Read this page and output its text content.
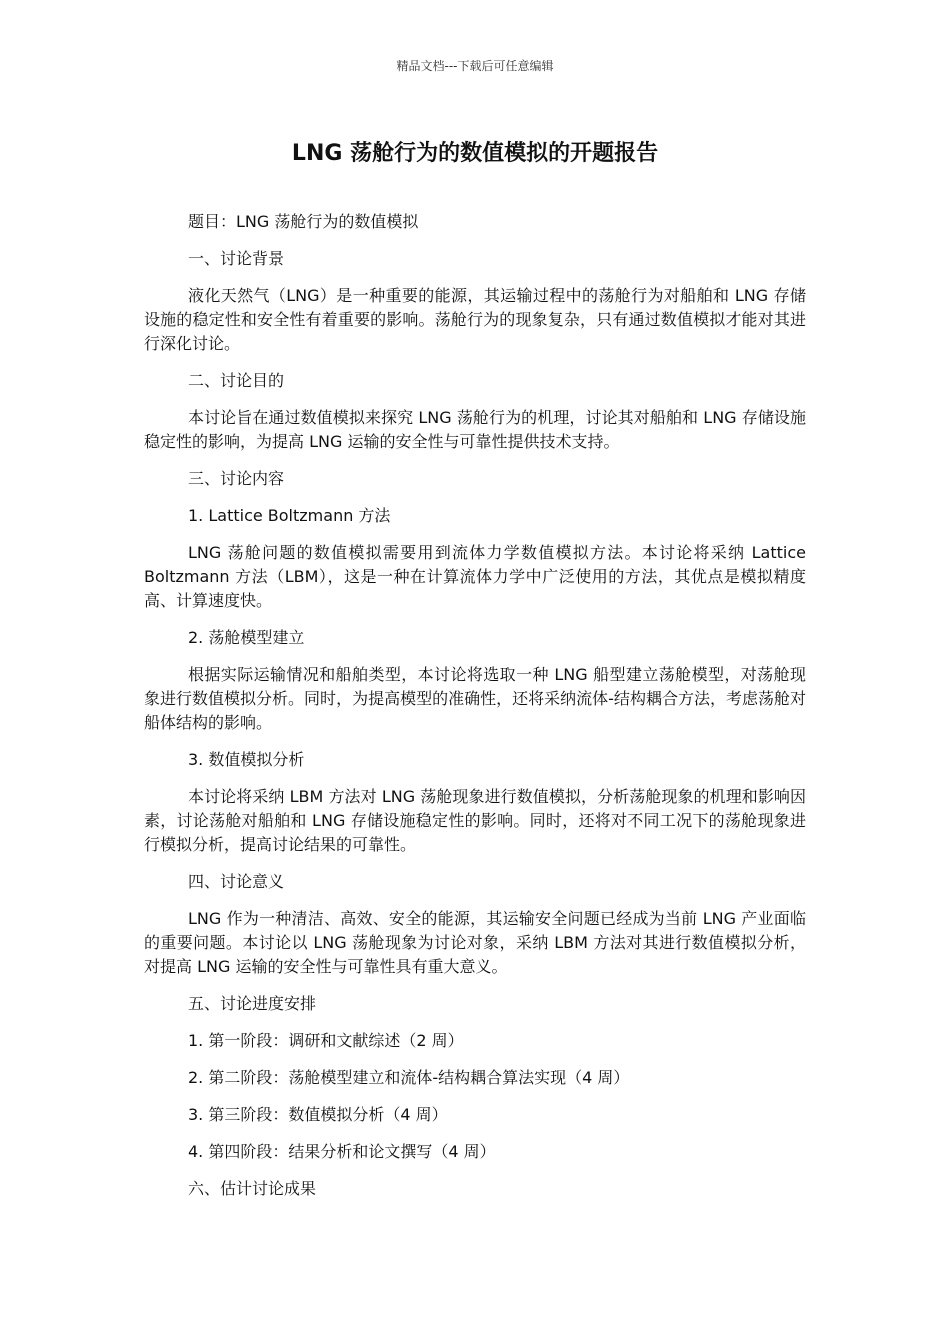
精品文档---下载后可任意编辑
LNG 荡舱行为的数值模拟的开题报告
题目：LNG 荡舱行为的数值模拟
一、讨论背景
液化天然气（LNG）是一种重要的能源，其运输过程中的荡舱行为对船舶和 LNG 存储设施的稳定性和安全性有着重要的影响。荡舱行为的现象复杂，只有通过数值模拟才能对其进行深化讨论。
二、讨论目的
本讨论旨在通过数值模拟来探究 LNG 荡舱行为的机理，讨论其对船舶和 LNG 存储设施稳定性的影响，为提高 LNG 运输的安全性与可靠性提供技术支持。
三、讨论内容
1. Lattice Boltzmann 方法
LNG 荡舱问题的数值模拟需要用到流体力学数值模拟方法。本讨论将采纳 Lattice Boltzmann 方法（LBM），这是一种在计算流体力学中广泛使用的方法，其优点是模拟精度高、计算速度快。
2. 荡舱模型建立
根据实际运输情况和船舶类型，本讨论将选取一种 LNG 船型建立荡舱模型，对荡舱现象进行数值模拟分析。同时，为提高模型的准确性，还将采纳流体-结构耦合方法，考虑荡舱对船体结构的影响。
3. 数值模拟分析
本讨论将采纳 LBM 方法对 LNG 荡舱现象进行数值模拟，分析荡舱现象的机理和影响因素，讨论荡舱对船舶和 LNG 存储设施稳定性的影响。同时，还将对不同工况下的荡舱现象进行模拟分析，提高讨论结果的可靠性。
四、讨论意义
LNG 作为一种清洁、高效、安全的能源，其运输安全问题已经成为当前 LNG 产业面临的重要问题。本讨论以 LNG 荡舱现象为讨论对象，采纳 LBM 方法对其进行数值模拟分析，对提高 LNG 运输的安全性与可靠性具有重大意义。
五、讨论进度安排
1. 第一阶段：调研和文献综述（2 周）
2. 第二阶段：荡舱模型建立和流体-结构耦合算法实现（4 周）
3. 第三阶段：数值模拟分析（4 周）
4. 第四阶段：结果分析和论文撰写（4 周）
六、估计讨论成果
